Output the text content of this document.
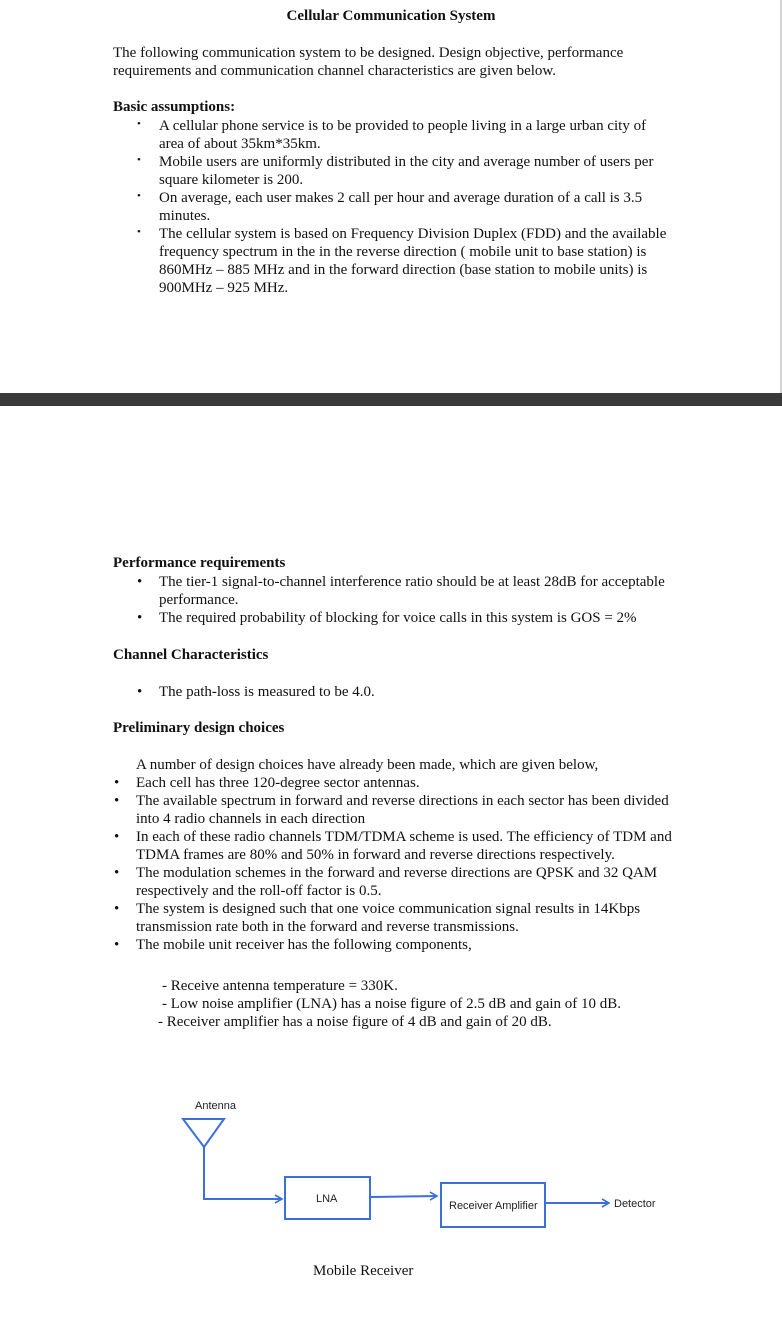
Cellular Communication System
The following communication system to be designed. Design objective, performance requirements and communication channel characteristics are given below.
Basic assumptions:
• A cellular phone service is to be provided to people living in a large urban city of area of about 35km*35km.
• Mobile users are uniformly distributed in the city and average number of users per square kilometer is 200.
• On average, each user makes 2 call per hour and average duration of a call is 3.5 minutes.
• The cellular system is based on Frequency Division Duplex (FDD) and the available frequency spectrum in the in the reverse direction ( mobile unit to base station) is 860MHz – 885 MHz and in the forward direction (base station to mobile units) is 900MHz – 925 MHz.
Performance requirements
• The tier-1 signal-to-channel interference ratio should be at least 28dB for acceptable performance.
• The required probability of blocking for voice calls in this system is GOS = 2%
Channel Characteristics
• The path-loss is measured to be 4.0.
Preliminary design choices
A number of design choices have already been made, which are given below,
• Each cell has three 120-degree sector antennas.
• The available spectrum in forward and reverse directions in each sector has been divided into 4 radio channels in each direction
• In each of these radio channels TDM/TDMA scheme is used. The efficiency of TDM and TDMA frames are 80% and 50% in forward and reverse directions respectively.
• The modulation schemes in the forward and reverse directions are QPSK and 32 QAM respectively and the roll-off factor is 0.5.
• The system is designed such that one voice communication signal results in 14Kbps transmission rate both in the forward and reverse transmissions.
• The mobile unit receiver has the following components,
- Receive antenna temperature = 330K.
- Low noise amplifier (LNA) has a noise figure of 2.5 dB and gain of 10 dB.
- Receiver amplifier has a noise figure of 4 dB and gain of 20 dB.
Antenna
LNA
Receiver Amplifier	Detector
Mobile Receiver
